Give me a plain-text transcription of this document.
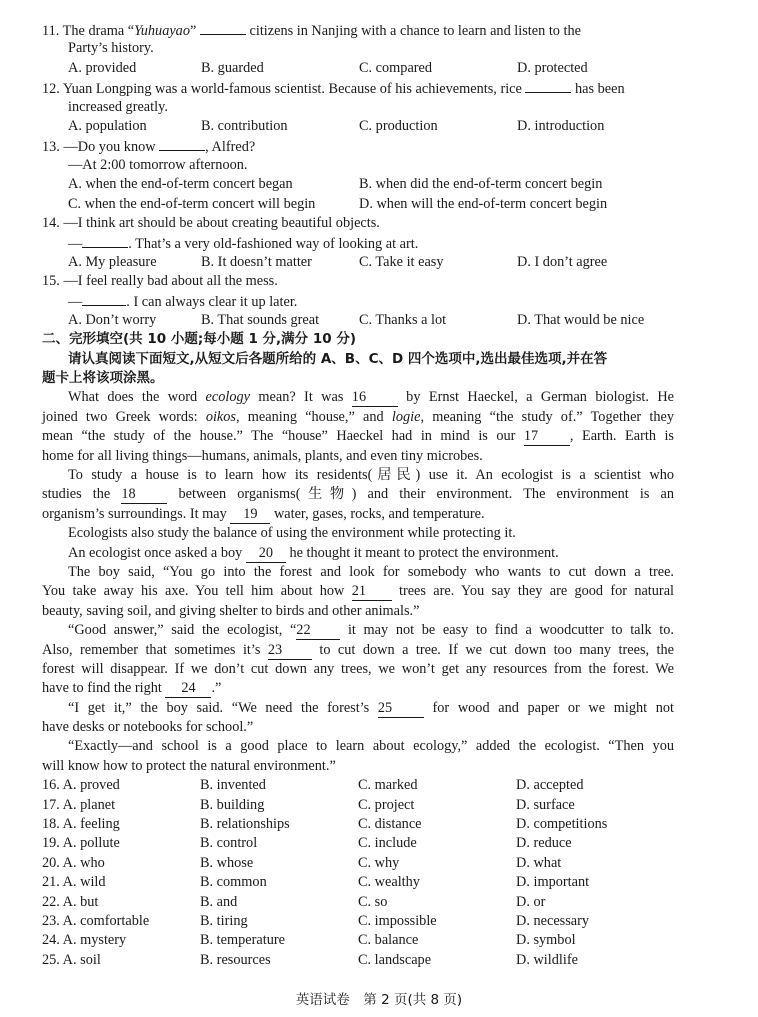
11. The drama “Yuhuayao”	citizens in Nanjing with a chance to learn and listen to the
Party’s history.
A. provided	B. guarded	C. compared	D. protected
12. Yuan Longping was a world-famous scientist. Because of his achievements, rice	has been
increased greatly.
A. population	B. contribution	C. production	D. introduction
13. —Do you know	, Alfred?
—At 2:00 tomorrow afternoon.
A. when the end-of-term concert began	B. when did the end-of-term concert begin
C. when the end-of-term concert will begin	D. when will the end-of-term concert begin
14. —I think art should be about creating beautiful objects.
—	. That’s a very old-fashioned way of looking at art.
A. My pleasure	B. It doesn’t matter	C. Take it easy	D. I don’t agree
15. —I feel really bad about all the mess.
—	. I can always clear it up later.
A. Don’t worry	B. That sounds great	C. Thanks a lot	D. That would be nice
二、完形填空(共 10 小题;每小题 1 分,满分 10 分)
请认真阅读下面短文,从短文后各题所给的 A、B、C、D 四个选项中,选出最佳选项,并在答
题卡上将该项涂黑。
What does the word ecology mean? It was 16 by Ernst Haeckel, a German biologist. He
joined two Greek words: oikos, meaning “house,” and logie, meaning “the study of.” Together they
mean “the study of the house.” The “house” Haeckel had in mind is our 17 , Earth. Earth is
home for all living things—humans, animals, plants, and even tiny microbes.
To study a house is to learn how its residents(居民) use it. An ecologist is a scientist who
studies the 18 between organisms(生物) and their environment. The environment is an
organism’s surroundings. It may 19 water, gases, rocks, and temperature.
Ecologists also study the balance of using the environment while protecting it.
An ecologist once asked a boy 20 he thought it meant to protect the environment.
The boy said, “You go into the forest and look for somebody who wants to cut down a tree.
You take away his axe. You tell him about how 21 trees are. You say they are good for natural
beauty, saving soil, and giving shelter to birds and other animals.”
“Good answer,” said the ecologist, “22 it may not be easy to find a woodcutter to talk to.
Also, remember that sometimes it’s 23 to cut down a tree. If we cut down too many trees, the
forest will disappear. If we don’t cut down any trees, we won’t get any resources from the forest. We
have to find the right 24 .”
“I get it,” the boy said. “We need the forest’s 25 for wood and paper or we might not
have desks or notebooks for school.”
“Exactly—and school is a good place to learn about ecology,” added the ecologist. “Then you
will know how to protect the natural environment.”
16. A. proved	B. invented	C. marked	D. accepted
17. A. planet	B. building	C. project	D. surface
18. A. feeling	B. relationships	C. distance	D. competitions
19. A. pollute	B. control	C. include	D. reduce
20. A. who	B. whose	C. why	D. what
21. A. wild	B. common	C. wealthy	D. important
22. A. but	B. and	C. so	D. or
23. A. comfortable	B. tiring	C. impossible	D. necessary
24. A. mystery	B. temperature	C. balance	D. symbol
25. A. soil	B. resources	C. landscape	D. wildlife
英语试卷　第 2 页(共 8 页)
